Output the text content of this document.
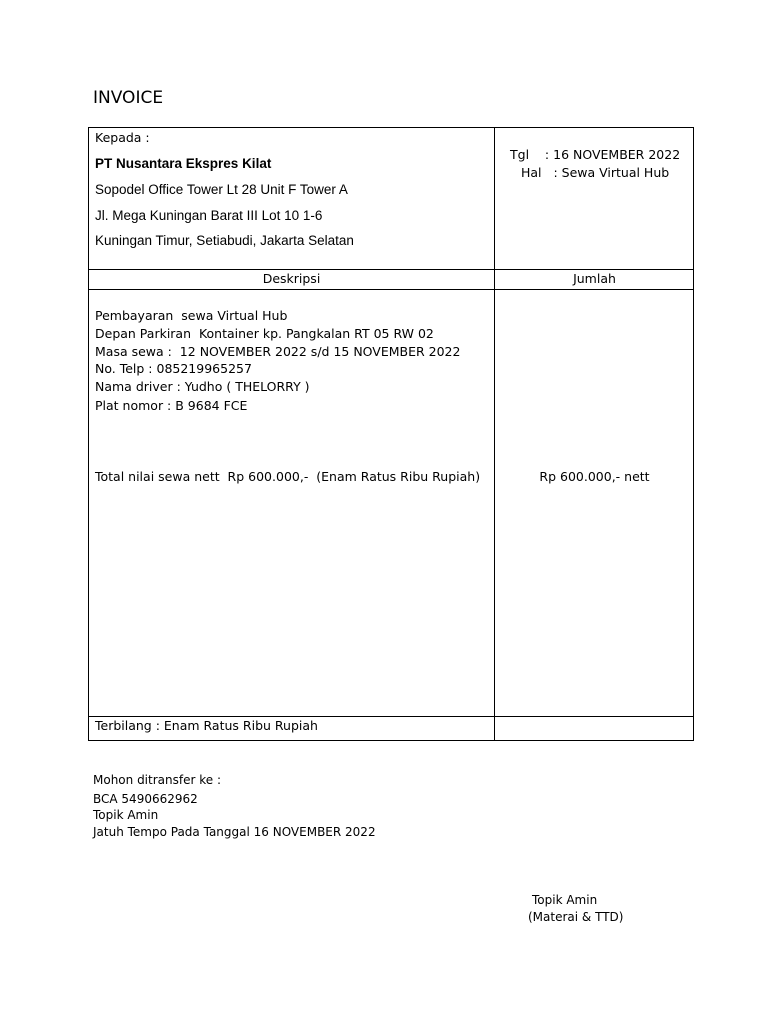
INVOICE
Kepada :
PT Nusantara Ekspres Kilat
Sopodel Office Tower Lt 28 Unit F Tower A
Jl. Mega Kuningan Barat III Lot 10 1-6
Kuningan Timur, Setiabudi, Jakarta Selatan
Tgl    : 16 NOVEMBER 2022
Hal   : Sewa Virtual Hub
Deskripsi	Jumlah
Pembayaran  sewa Virtual Hub
Depan Parkiran  Kontainer kp. Pangkalan RT 05 RW 02
Masa sewa :  12 NOVEMBER 2022 s/d 15 NOVEMBER 2022
No. Telp : 085219965257
Nama driver : Yudho ( THELORRY )
Plat nomor : B 9684 FCE
Total nilai sewa nett  Rp 600.000,-  (Enam Ratus Ribu Rupiah)	Rp 600.000,- nett
Terbilang : Enam Ratus Ribu Rupiah
Mohon ditransfer ke :
BCA 5490662962
Topik Amin
Jatuh Tempo Pada Tanggal 16 NOVEMBER 2022
Topik Amin
(Materai & TTD)
